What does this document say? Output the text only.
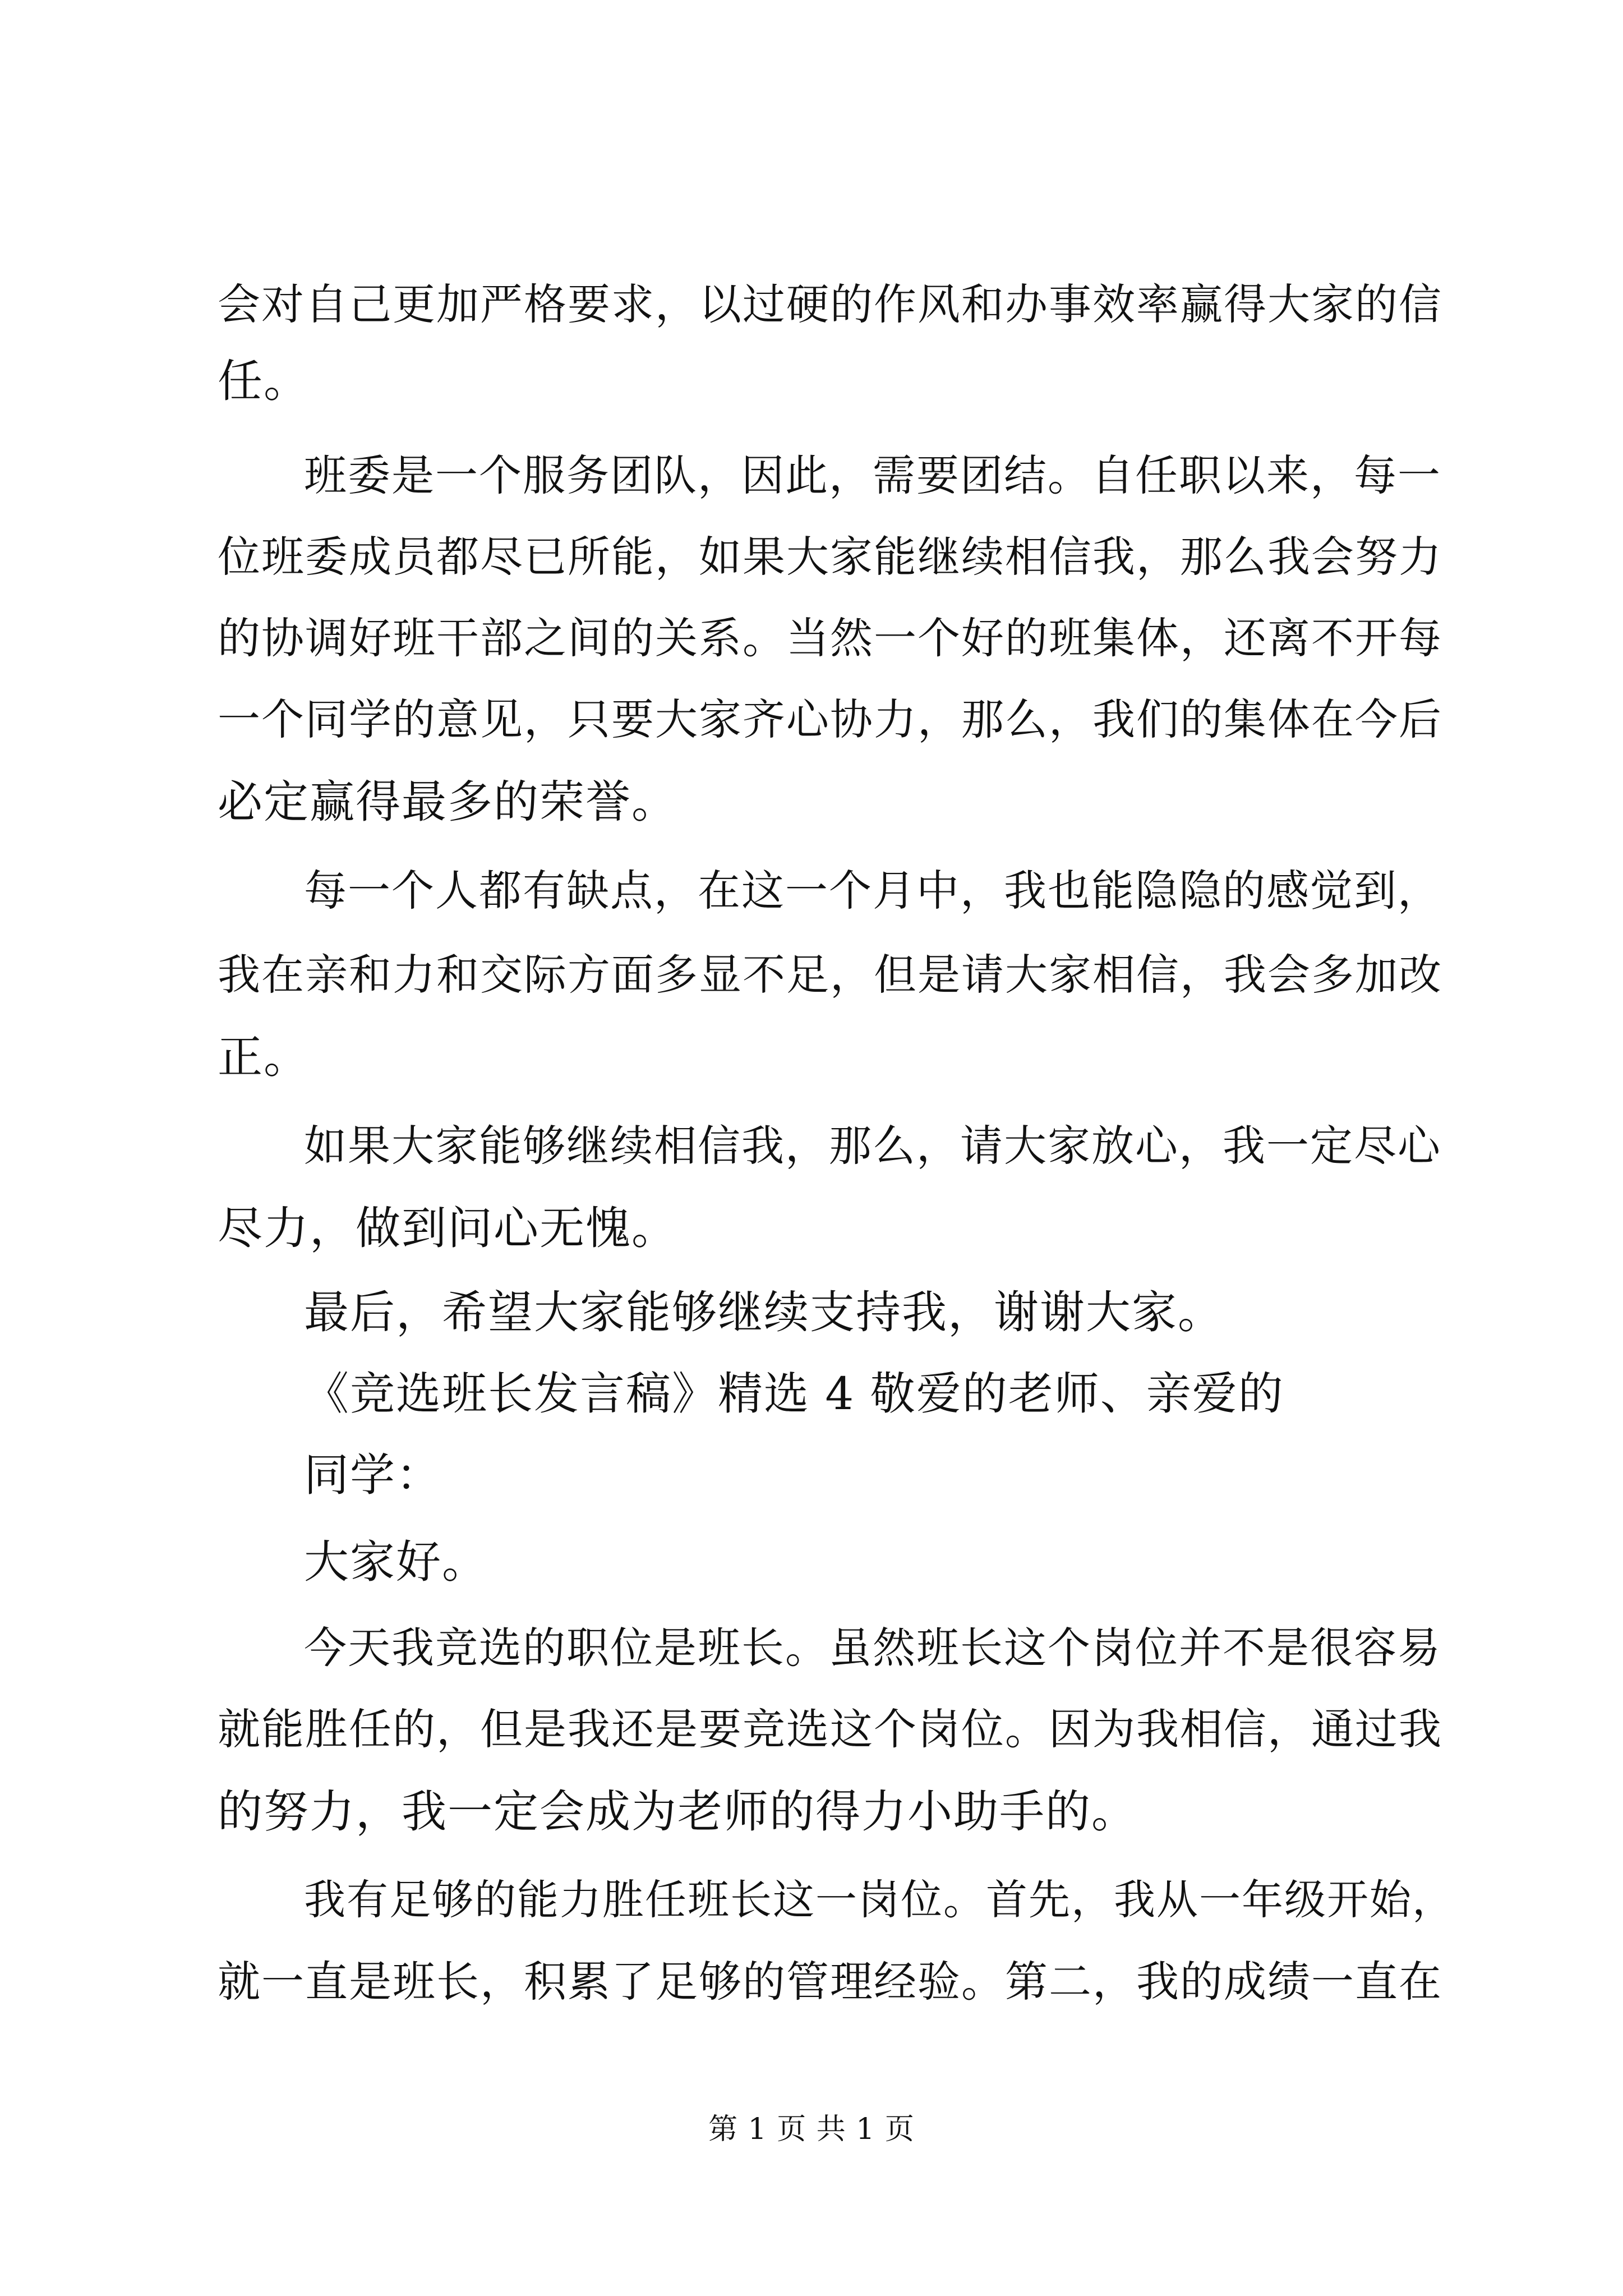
会对自己更加严格要求，以过硬的作风和办事效率赢得大家的信
任。
班委是一个服务团队，因此，需要团结。自任职以来，每一
位班委成员都尽已所能，如果大家能继续相信我，那么我会努力
的协调好班干部之间的关系。当然一个好的班集体，还离不开每
一个同学的意见，只要大家齐心协力，那么，我们的集体在今后
必定赢得最多的荣誉。
每一个人都有缺点，在这一个月中，我也能隐隐的感觉到，
我在亲和力和交际方面多显不足，但是请大家相信，我会多加改
正。
如果大家能够继续相信我，那么，请大家放心，我一定尽心
尽力，做到问心无愧。
最后，希望大家能够继续支持我，谢谢大家。
《竞选班长发言稿》精选 4 敬爱的老师、亲爱的
同学：
大家好。
今天我竞选的职位是班长。虽然班长这个岗位并不是很容易
就能胜任的，但是我还是要竞选这个岗位。因为我相信，通过我
的努力，我一定会成为老师的得力小助手的。
我有足够的能力胜任班长这一岗位。首先，我从一年级开始，
就一直是班长，积累了足够的管理经验。第二，我的成绩一直在
第 1 页 共 1 页
